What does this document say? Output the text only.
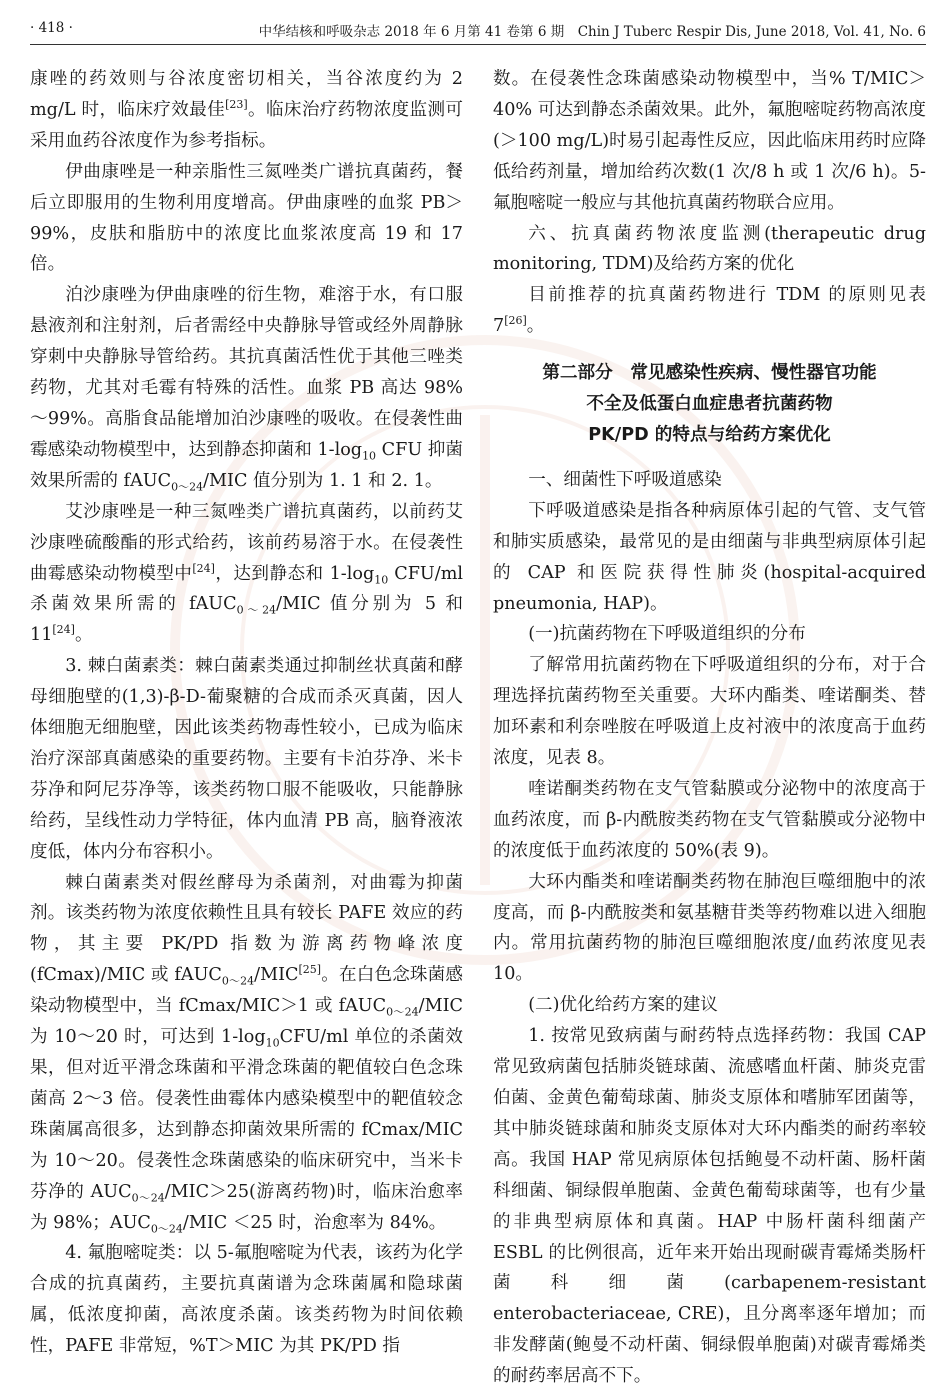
· 418 ·	中华结核和呼吸杂志 2018 年 6 月第 41 卷第 6 期　Chin J Tuberc Respir Dis, June 2018, Vol. 41, No. 6

康唑的药效则与谷浓度密切相关，当谷浓度约为 2 mg/L 时，临床疗效最佳[23]。临床治疗药物浓度监测可采用血药谷浓度作为参考指标。

伊曲康唑是一种亲脂性三氮唑类广谱抗真菌药，餐后立即服用的生物利用度增高。伊曲康唑的血浆 PB＞99%，皮肤和脂肪中的浓度比血浆浓度高 19 和 17 倍。

泊沙康唑为伊曲康唑的衍生物，难溶于水，有口服悬液剂和注射剂，后者需经中央静脉导管或经外周静脉穿刺中央静脉导管给药。其抗真菌活性优于其他三唑类药物，尤其对毛霉有特殊的活性。血浆 PB 高达 98% ～99%。高脂食品能增加泊沙康唑的吸收。在侵袭性曲霉感染动物模型中，达到静态抑菌和 $1-\log_{10}$ CFU 抑菌效果所需的 fAUC$_{0\sim 24}$/MIC 值分别为 1. 1 和 2. 1。

艾沙康唑是一种三氮唑类广谱抗真菌药，以前药艾沙康唑硫酸酯的形式给药，该前药易溶于水。在侵袭性曲霉感染动物模型中[24]，达到静态和 $1-\log_{10}$ CFU/ml 杀菌效果所需的 fAUC$_{0\sim 24}$/MIC 值分别为 5 和 11[24]。

3. 棘白菌素类：棘白菌素类通过抑制丝状真菌和酵母细胞壁的(1,3)-β-D-葡聚糖的合成而杀灭真菌，因人体细胞无细胞壁，因此该类药物毒性较小，已成为临床治疗深部真菌感染的重要药物。主要有卡泊芬净、米卡芬净和阿尼芬净等，该类药物口服不能吸收，只能静脉给药，呈线性动力学特征，体内血清 PB 高，脑脊液浓度低，体内分布容积小。

棘白菌素类对假丝酵母为杀菌剂，对曲霉为抑菌剂。该类药物为浓度依赖性且具有较长 PAFE 效应的药物，其主要 PK/PD 指数为游离药物峰浓度(fCmax)/MIC 或 fAUC$_{0\sim 24}$/MIC[25]。在白色念珠菌感染动物模型中，当 fCmax/MIC＞1 或 fAUC$_{0\sim 24}$/MIC 为 10～20 时，可达到 $1-\log_{10}CFU/ml$ 单位的杀菌效果，但对近平滑念珠菌和平滑念珠菌的靶值较白色念珠菌高 2～3 倍。侵袭性曲霉体内感染模型中的靶值较念珠菌属高很多，达到静态抑菌效果所需的 fCmax/MIC 为 10～20。侵袭性念珠菌感染的临床研究中，当米卡芬净的 $AUC_{0\sim 24}/MIC>25$(游离药物)时，临床治愈率为 98%；$AUC_{0\sim 24}$/MIC ＜25 时，治愈率为 84%。

4. 氟胞嘧啶类：以 5-氟胞嘧啶为代表，该药为化学合成的抗真菌药，主要抗真菌谱为念珠菌属和隐球菌属，低浓度抑菌，高浓度杀菌。该类药物为时间依赖性，PAFE 非常短，%T＞MIC 为其 PK/PD 指

数。在侵袭性念珠菌感染动物模型中，当% T/MIC＞40% 可达到静态杀菌效果。此外，氟胞嘧啶药物高浓度(＞100 mg/L)时易引起毒性反应，因此临床用药时应降低给药剂量，增加给药次数(1 次/8 h 或 1 次/6 h)。5-氟胞嘧啶一般应与其他抗真菌药物联合应用。

六、抗真菌药物浓度监测(therapeutic drug monitoring, TDM)及给药方案的优化

目前推荐的抗真菌药物进行 TDM 的原则见表 7[26]。

第二部分　常见感染性疾病、慢性器官功能
不全及低蛋白血症患者抗菌药物
PK/PD 的特点与给药方案优化

一、细菌性下呼吸道感染

下呼吸道感染是指各种病原体引起的气管、支气管和肺实质感染，最常见的是由细菌与非典型病原体引起的 CAP 和医院获得性肺炎(hospital-acquired pneumonia, HAP)。

(一)抗菌药物在下呼吸道组织的分布

了解常用抗菌药物在下呼吸道组织的分布，对于合理选择抗菌药物至关重要。大环内酯类、喹诺酮类、替加环素和利奈唑胺在呼吸道上皮衬液中的浓度高于血药浓度，见表 8。

喹诺酮类药物在支气管黏膜或分泌物中的浓度高于血药浓度，而 β-内酰胺类药物在支气管黏膜或分泌物中的浓度低于血药浓度的 50%(表 9)。

大环内酯类和喹诺酮类药物在肺泡巨噬细胞中的浓度高，而 β-内酰胺类和氨基糖苷类等药物难以进入细胞内。常用抗菌药物的肺泡巨噬细胞浓度/血药浓度见表 10。

(二)优化给药方案的建议

1. 按常见致病菌与耐药特点选择药物：我国 CAP 常见致病菌包括肺炎链球菌、流感嗜血杆菌、肺炎克雷伯菌、金黄色葡萄球菌、肺炎支原体和嗜肺军团菌等，其中肺炎链球菌和肺炎支原体对大环内酯类的耐药率较高。我国 HAP 常见病原体包括鲍曼不动杆菌、肠杆菌科细菌、铜绿假单胞菌、金黄色葡萄球菌等，也有少量的非典型病原体和真菌。HAP 中肠杆菌科细菌产 ESBL 的比例很高，近年来开始出现耐碳青霉烯类肠杆菌科细菌(carbapenem-resistant enterobacteriaceae, CRE)，且分离率逐年增加；而非发酵菌(鲍曼不动杆菌、铜绿假单胞菌)对碳青霉烯类的耐药率居高不下。
